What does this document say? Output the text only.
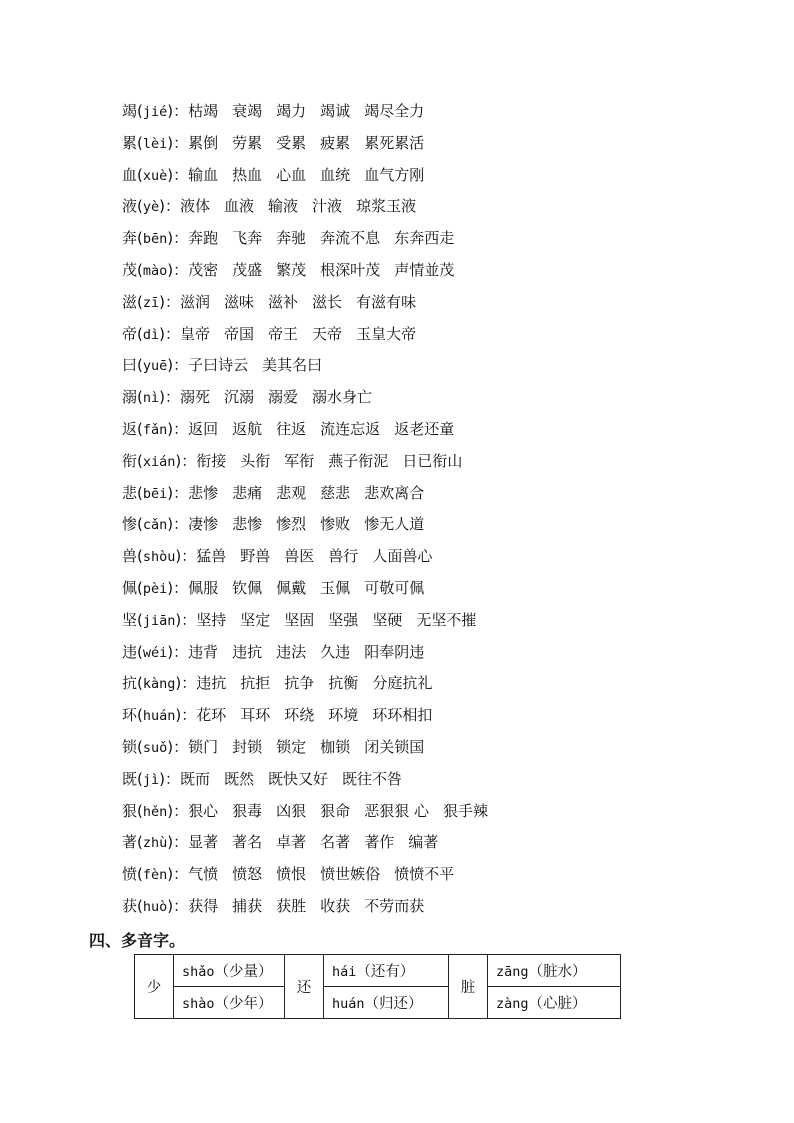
竭(jié)：枯竭 衰竭 竭力 竭诚 竭尽全力
累(lèi)：累倒 劳累 受累 疲累 累死累活
血(xuè)：输血 热血 心血 血统 血气方刚
液(yè)：液体 血液 输液 汁液 琼浆玉液
奔(bēn)：奔跑 飞奔 奔驰 奔流不息 东奔西走
茂(mào)：茂密 茂盛 繁茂 根深叶茂 声情並茂
滋(zī)：滋润 滋味 滋补 滋长 有滋有味
帝(dì)：皇帝 帝国 帝王 天帝 玉皇大帝
曰(yuē)：子曰诗云 美其名曰
溺(nì)：溺死 沉溺 溺爱 溺水身亡
返(fǎn)：返回 返航 往返 流连忘返 返老还童
衔(xián)：衔接 头衔 军衔 燕子衔泥 日已衔山
悲(bēi)：悲惨 悲痛 悲观 慈悲 悲欢离合
惨(cǎn)：凄惨 悲惨 惨烈 惨败 惨无人道
兽(shòu)：猛兽 野兽 兽医 兽行 人面兽心
佩(pèi)：佩服 钦佩 佩戴 玉佩 可敬可佩
坚(jiān)：坚持 坚定 坚固 坚强 坚硬 无坚不摧
违(wéi)：违背 违抗 违法 久违 阳奉阴违
抗(kàng)：违抗 抗拒 抗争 抗衡 分庭抗礼
环(huán)：花环 耳环 环绕 环境 环环相扣
锁(suǒ)：锁门 封锁 锁定 枷锁 闭关锁国
既(jì)：既而 既然 既快又好 既往不咎
狠(hěn)：狠心 狠毒 凶狠 狠命 恶狠狠 心 狠手辣
著(zhù)：显著 著名 卓著 名著 著作 编著
愤(fèn)：气愤 愤怒 愤恨 愤世嫉俗 愤愤不平
获(huò)：获得 捕获 获胜 收获 不劳而获
四、多音字。
少	shǎo（少量）	还	hái（还有）	脏	zāng（脏水）
	shào（少年）		huán（归还）		zàng（心脏）
